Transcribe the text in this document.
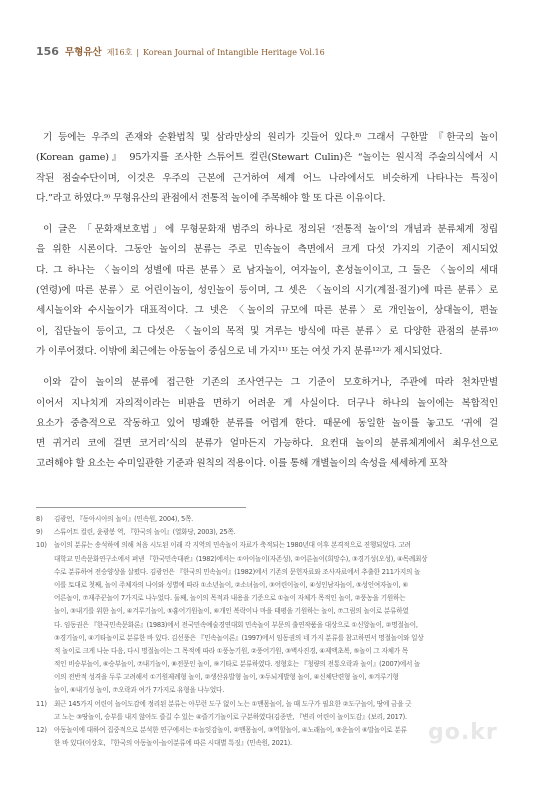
156 무형유산 제16호 | Korean Journal of Intangible Heritage Vol.16
기 등에는 우주의 존재와 순환법칙 및 삼라만상의 원리가 깃들어 있다.⁸⁾ 그래서 구한말 『한국의 놀이
(Korean game)』 95가지를 조사한 스튜어트 컬린(Stewart Culin)은 “놀이는 원시적 주술의식에서 시
작된 점술수단이며, 이것은 우주의 근본에 근거하여 세계 어느 나라에서도 비슷하게 나타나는 특징이
다.”라고 하였다.⁹⁾ 무형유산의 관점에서 전통적 놀이에 주목해야 할 또 다른 이유이다.
이 글은 「문화재보호법」에 무형문화재 범주의 하나로 정의된 ‘전통적 놀이’의 개념과 분류체계 정립
을 위한 시론이다. 그동안 놀이의 분류는 주로 민속놀이 측면에서 크게 다섯 가지의 기준이 제시되었
다. 그 하나는 〈놀이의 성별에 따른 분류〉로 남자놀이, 여자놀이, 혼성놀이이고, 그 둘은 〈놀이의 세대
(연령)에 따른 분류〉로 어린이놀이, 성인놀이 등이며, 그 셋은 〈놀이의 시기(계절·절기)에 따른 분류〉로
세시놀이와 수시놀이가 대표적이다. 그 넷은 〈놀이의 규모에 따른 분류〉로 개인놀이, 상대놀이, 편놀
이, 집단놀이 등이고, 그 다섯은 〈놀이의 목적 및 겨루는 방식에 따른 분류〉로 다양한 관점의 분류¹⁰⁾
가 이루어졌다. 이밖에 최근에는 아동놀이 중심으로 네 가지¹¹⁾ 또는 여섯 가지 분류¹²⁾가 제시되었다.
이와 같이 놀이의 분류에 접근한 기존의 조사연구는 그 기준이 모호하거나, 주관에 따라 천차만별
이어서 지나치게 자의적이라는 비판을 면하기 어려운 게 사실이다. 더구나 하나의 놀이에는 복합적인
요소가 중층적으로 작동하고 있어 명쾌한 분류를 어렵게 한다. 때문에 동일한 놀이를 놓고도 ‘귀에 걸
면 귀거리 코에 걸면 코거리’식의 분류가 얼마든지 가능하다. 요컨대 놀이의 분류체계에서 최우선으로
고려해야 할 요소는 수미일관한 기준과 원칙의 적용이다. 이를 통해 개별놀이의 속성을 세세하게 포착
8)	김광언, 『동아시아의 놀이』(민속원, 2004), 5쪽.
9)	스튜어트 컬린, 윤광봉 역, 『한국의 놀이』(열화당, 2003), 25쪽.
10)	놀이의 분류는 송석하에 의해 처음 시도된 이래 각 지역의 민속놀이 자료가 축적되는 1980년대 이후 본격적으로 진행되었다. 고려
대학교 민속문화연구소에서 펴낸 『한국민속대관』(1982)에서는 ①아이놀이(자존성), ②어른놀이(희망수), ③경기성(오성), ④목례최상
수로 분류하여 전승양상을 살폈다. 김광언은 『한국의 민속놀이』(1982)에서 기존의 문헌자료와 조사자료에서 추출한 211가지의 놀
이를 토대로 첫째, 놀이 주체자의 나이와 성별에 따라 ①소년놀이, ②소녀놀이, ③어린이놀이, ④성인남자놀이, ⑤성인여자놀이, ⑥
어른놀이, ⑦재주꾼놀이 7가지로 나누었다. 둘째, 놀이의 목적과 내용을 기준으로 ①놀이 자체가 목적인 놀이, ②풍농을 기원하는
놀이, ③내기를 위한 놀이, ④겨루기놀이, ⑤흉어기원놀이, ⑥개인 복락이나 마을 태평을 기원하는 놀이, ⑦그림의 놀이로 분류하였
다. 임동권은 『한국민속문화론』(1983)에서 전국민속예술경연대회 민속놀이 부문의 출연작품을 대상으로 ①신앙놀이, ②명절놀이,
③경기놀이, ④기타놀이로 분류한 바 있다. 김선풍은 『민속놀이론』(1997)에서 임동권의 네 가지 분류를 참고하면서 명절놀이와 일상
적 놀이로 크게 나눈 다음, 다시 명절놀이는 그 목적에 따라 ①풍농기원, ②풍어기원, ③벽사진경, ④제액초복, ⑤놀이 그 자체가 목
적인 비승부놀이, ⑥승부놀이, ⑦내기놀이, ⑧전문인 놀이, ⑨기타로 분류하였다. 정형호는 『청량의 전통오락과 놀이』(2007)에서 놀
이의 전반적 성격을 두루 고려해서 ①기원제례형 놀이, ②생산유발형 놀이, ③두뇌게발형 놀이, ④신체단련형 놀이, ⑤겨루기형
놀이, ⑥내기성 놀이, ⑦오락과 여가 7가지로 유형을 나누었다.
11)	최근 145가지 어린이 놀이도감에 정리된 분류는 아무런 도구 없이 노는 ①맨몸놀이, 놀 때 도구가 필요한 ②도구놀이, 땅에 금을 긋
고 노는 ③땅놀이, 승부를 내지 않아도 즐길 수 있는 ④즐기기놀이로 구분하였다(김종만, 『변리 어린이 놀이도감』(보리, 2017).
12)	아동놀이에 대하여 집중적으로 분석한 연구에서는 ①놀잇감놀이, ②맨몸놀이, ③역할놀이, ④노래놀이, ⑤운놀이 ⑥말놀이로 분류
한 바 있다(이상호, 『한국의 아동놀이-놀이분류에 따른 시대별 특징』(민속원, 2021).	go.kr
